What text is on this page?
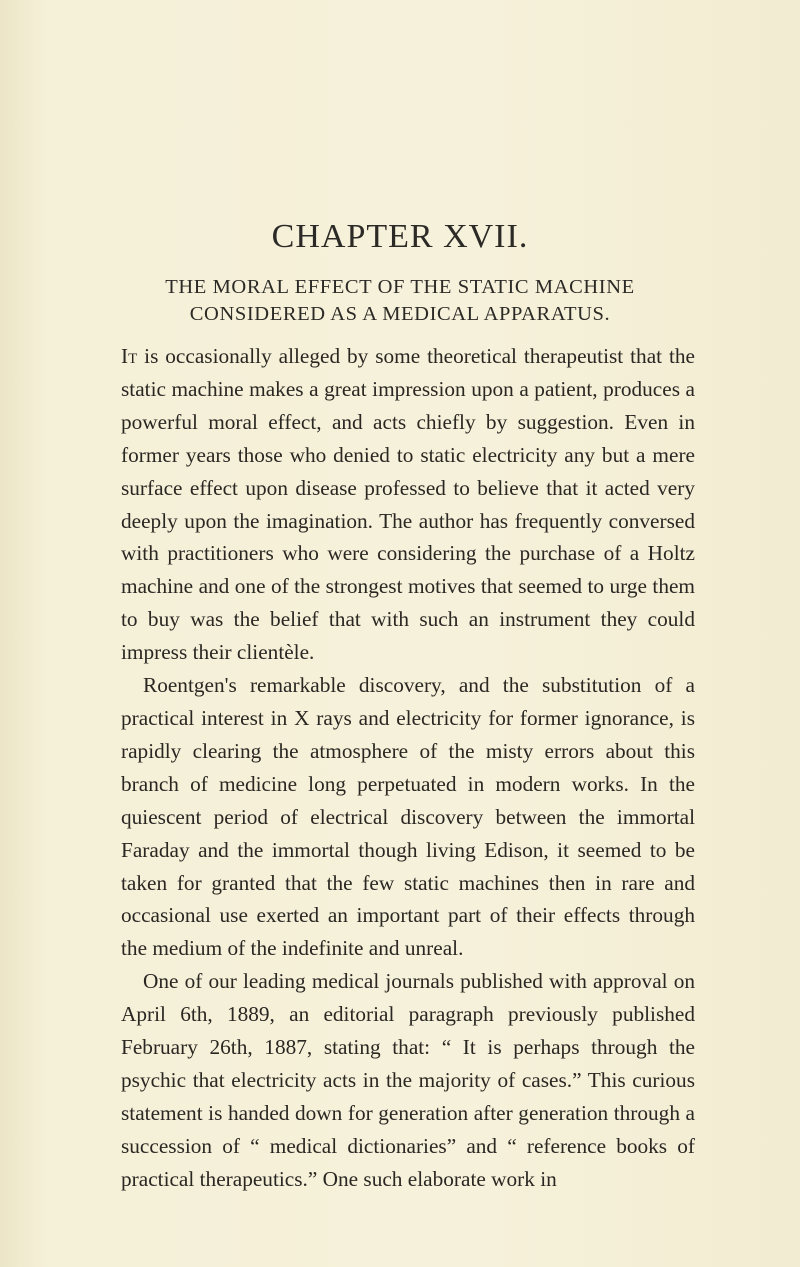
CHAPTER XVII.
THE MORAL EFFECT OF THE STATIC MACHINE
CONSIDERED AS A MEDICAL APPARATUS.

It is occasionally alleged by some theoretical therapeutist that the static machine makes a great impression upon a patient, produces a powerful moral effect, and acts chiefly by suggestion. Even in former years those who denied to static electricity any but a mere surface effect upon disease professed to believe that it acted very deeply upon the imagination. The author has frequently conversed with practitioners who were considering the purchase of a Holtz machine and one of the strongest motives that seemed to urge them to buy was the belief that with such an instrument they could impress their clientèle.

Roentgen's remarkable discovery, and the substitution of a practical interest in X rays and electricity for former ignorance, is rapidly clearing the atmosphere of the misty errors about this branch of medicine long perpetuated in modern works. In the quiescent period of electrical discovery between the immortal Faraday and the immortal though living Edison, it seemed to be taken for granted that the few static machines then in rare and occasional use exerted an important part of their effects through the medium of the indefinite and unreal.

One of our leading medical journals published with approval on April 6th, 1889, an editorial paragraph previously published February 26th, 1887, stating that: “ It is perhaps through the psychic that electricity acts in the majority of cases.” This curious statement is handed down for generation after generation through a succession of “ medical dictionaries” and “ reference books of practical therapeutics.” One such elaborate work in
